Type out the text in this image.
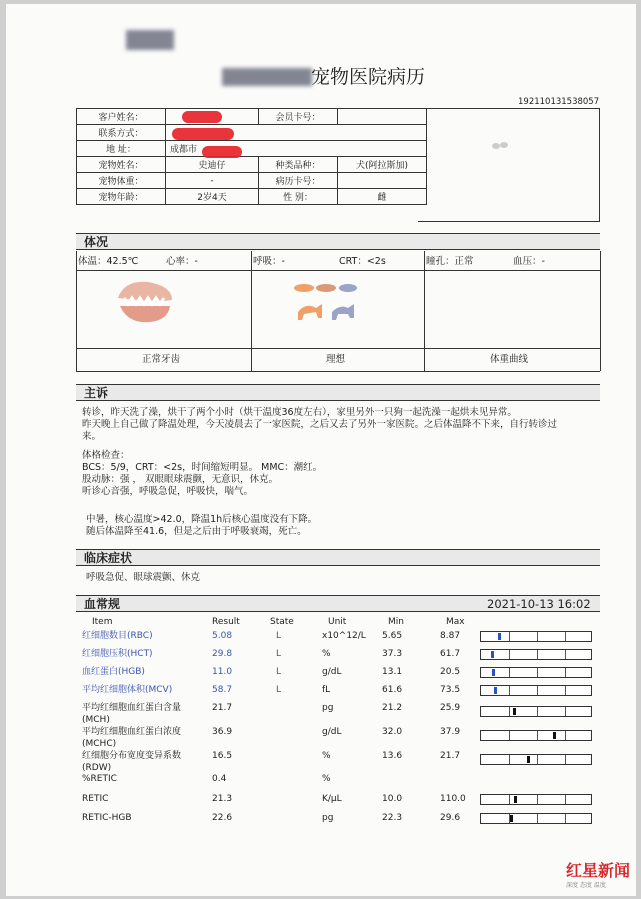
宠物医院病历
192110131538057
客户姓名：		会员卡号：		
联系方式：				
地 址：	成都市			
宠物姓名：	史迪仔	种类品种：	犬(阿拉斯加)	
宠物体重：	-	病历卡号：		
宠物年龄：	2岁4天	性 别：	雌	
体况
体温：42.5℃	心率：-	呼吸：-	CRT：<2s	瞳孔：正常	血压：-
正常牙齿	理想	体重曲线
主诉
转诊，昨天洗了澡，烘干了两个小时（烘干温度36度左右），家里另外一只狗一起洗澡一起烘未见异常。
昨天晚上自己做了降温处理，今天凌晨去了一家医院，之后又去了另外一家医院。之后体温降不下来，自行转诊过
来。
体格检查：
BCS：5/9，CRT：<2s，时间缩短明显。 MMC：潮红。
股动脉：强 ， 双眼眼球震颤，无意识，休克。
听诊心音强，呼吸急促，呼吸快，喘气。
中暑，核心温度>42.0，降温1h后核心温度没有下降。
随后体温降至41.6，但是之后由于呼吸衰竭，死亡。
临床症状
呼吸急促、眼球震颤、休克
血常规	2021-10-13 16:02
Item	Result	State	Unit	Min	Max
红星新闻
深度 态度 温度
红细胞数目(RBC)	5.08	L	x10^12/L 5.65	8.87
红细胞压积(HCT)	29.8	L	%	37.3	61.7
血红蛋白(HGB)	11.0	L	g/dL	13.1	20.5
平均红细胞体积(MCV)	58.7	L	fL	61.6	73.5
平均红细胞血红蛋白含量
(MCH)
21.7	pg	21.2	25.9
平均红细胞血红蛋白浓度
(MCHC)
36.9	g/dL	32.0	37.9
红细胞分布宽度变异系数
(RDW)
16.5	%	13.6	21.7
%RETIC	0.4	%
RETIC	21.3	K/μL	10.0	110.0
RETIC-HGB	22.6	pg	22.3	29.6
